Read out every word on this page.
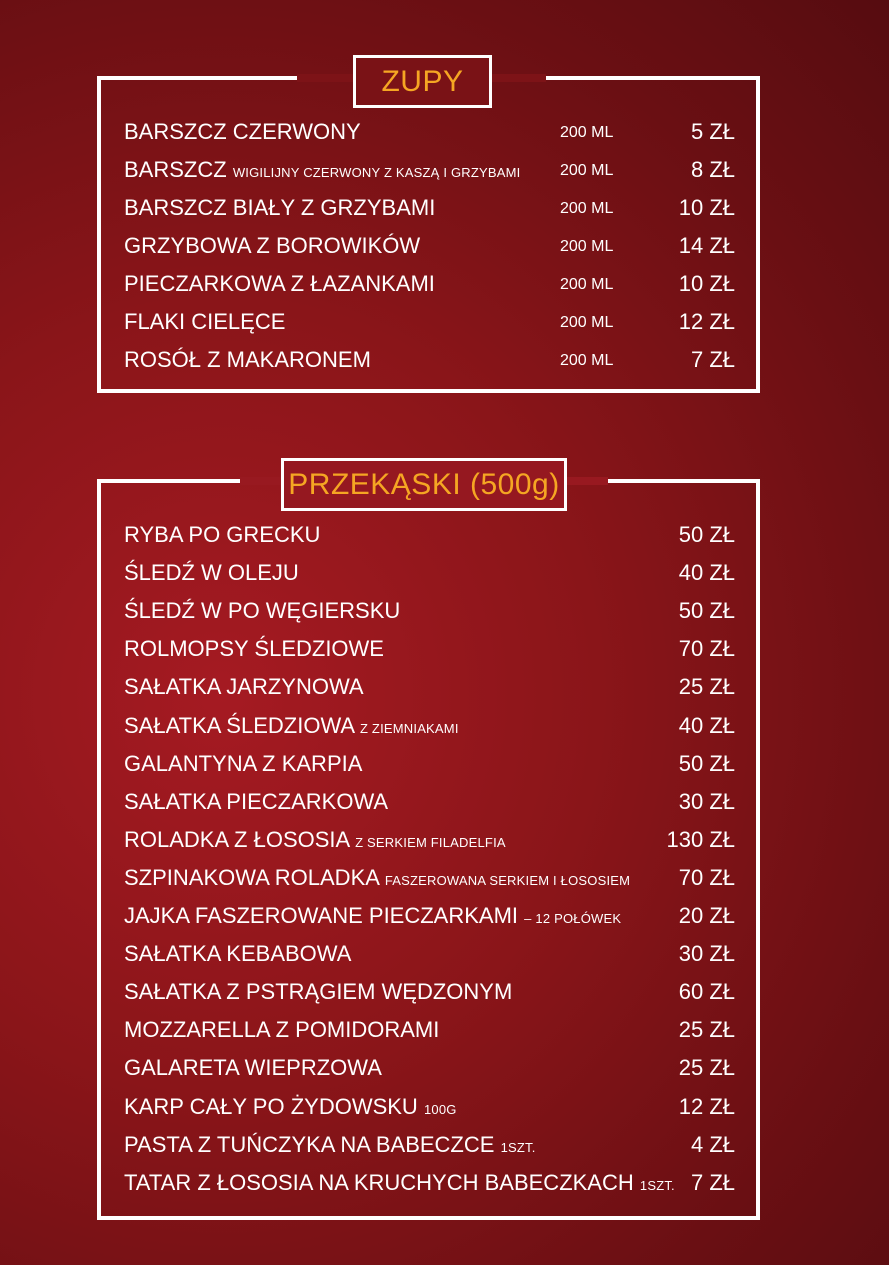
ZUPY
BARSZCZ CZERWONY	200 ML	5 ZŁ
BARSZCZ WIGILIJNY CZERWONY Z KASZĄ I GRZYBAMI 200 ML	8 ZŁ
BARSZCZ BIAŁY Z GRZYBAMI	200 ML	10 ZŁ
GRZYBOWA Z BOROWIKÓW	200 ML	14 ZŁ
PIECZARKOWA Z ŁAZANKAMI	200 ML	10 ZŁ
FLAKI CIELĘCE	200 ML	12 ZŁ
ROSÓŁ Z MAKARONEM	200 ML	7 ZŁ
PRZEKĄSKI (500g)
RYBA PO GRECKU	50 ZŁ
ŚLEDŹ W OLEJU	40 ZŁ
ŚLEDŹ W PO WĘGIERSKU	50 ZŁ
ROLMOPSY ŚLEDZIOWE	70 ZŁ
SAŁATKA JARZYNOWA	25 ZŁ
SAŁATKA ŚLEDZIOWA Z ZIEMNIAKAMI	40 ZŁ
GALANTYNA Z KARPIA	50 ZŁ
SAŁATKA PIECZARKOWA	30 ZŁ
ROLADKA Z ŁOSOSIA Z SERKIEM FILADELFIA	130 ZŁ
SZPINAKOWA ROLADKA FASZEROWANA SERKIEM I ŁOSOSIEM 70 ZŁ
JAJKA FASZEROWANE PIECZARKAMI – 12 POŁÓWEK	20 ZŁ
SAŁATKA KEBABOWA	30 ZŁ
SAŁATKA Z PSTRĄGIEM WĘDZONYM	60 ZŁ
MOZZARELLA Z POMIDORAMI	25 ZŁ
GALARETA WIEPRZOWA	25 ZŁ
KARP CAŁY PO ŻYDOWSKU 100G	12 ZŁ
PASTA Z TUŃCZYKA NA BABECZCE 1SZT.	4 ZŁ
TATAR Z ŁOSOSIA NA KRUCHYCH BABECZKACH 1SZT. 7 ZŁ
